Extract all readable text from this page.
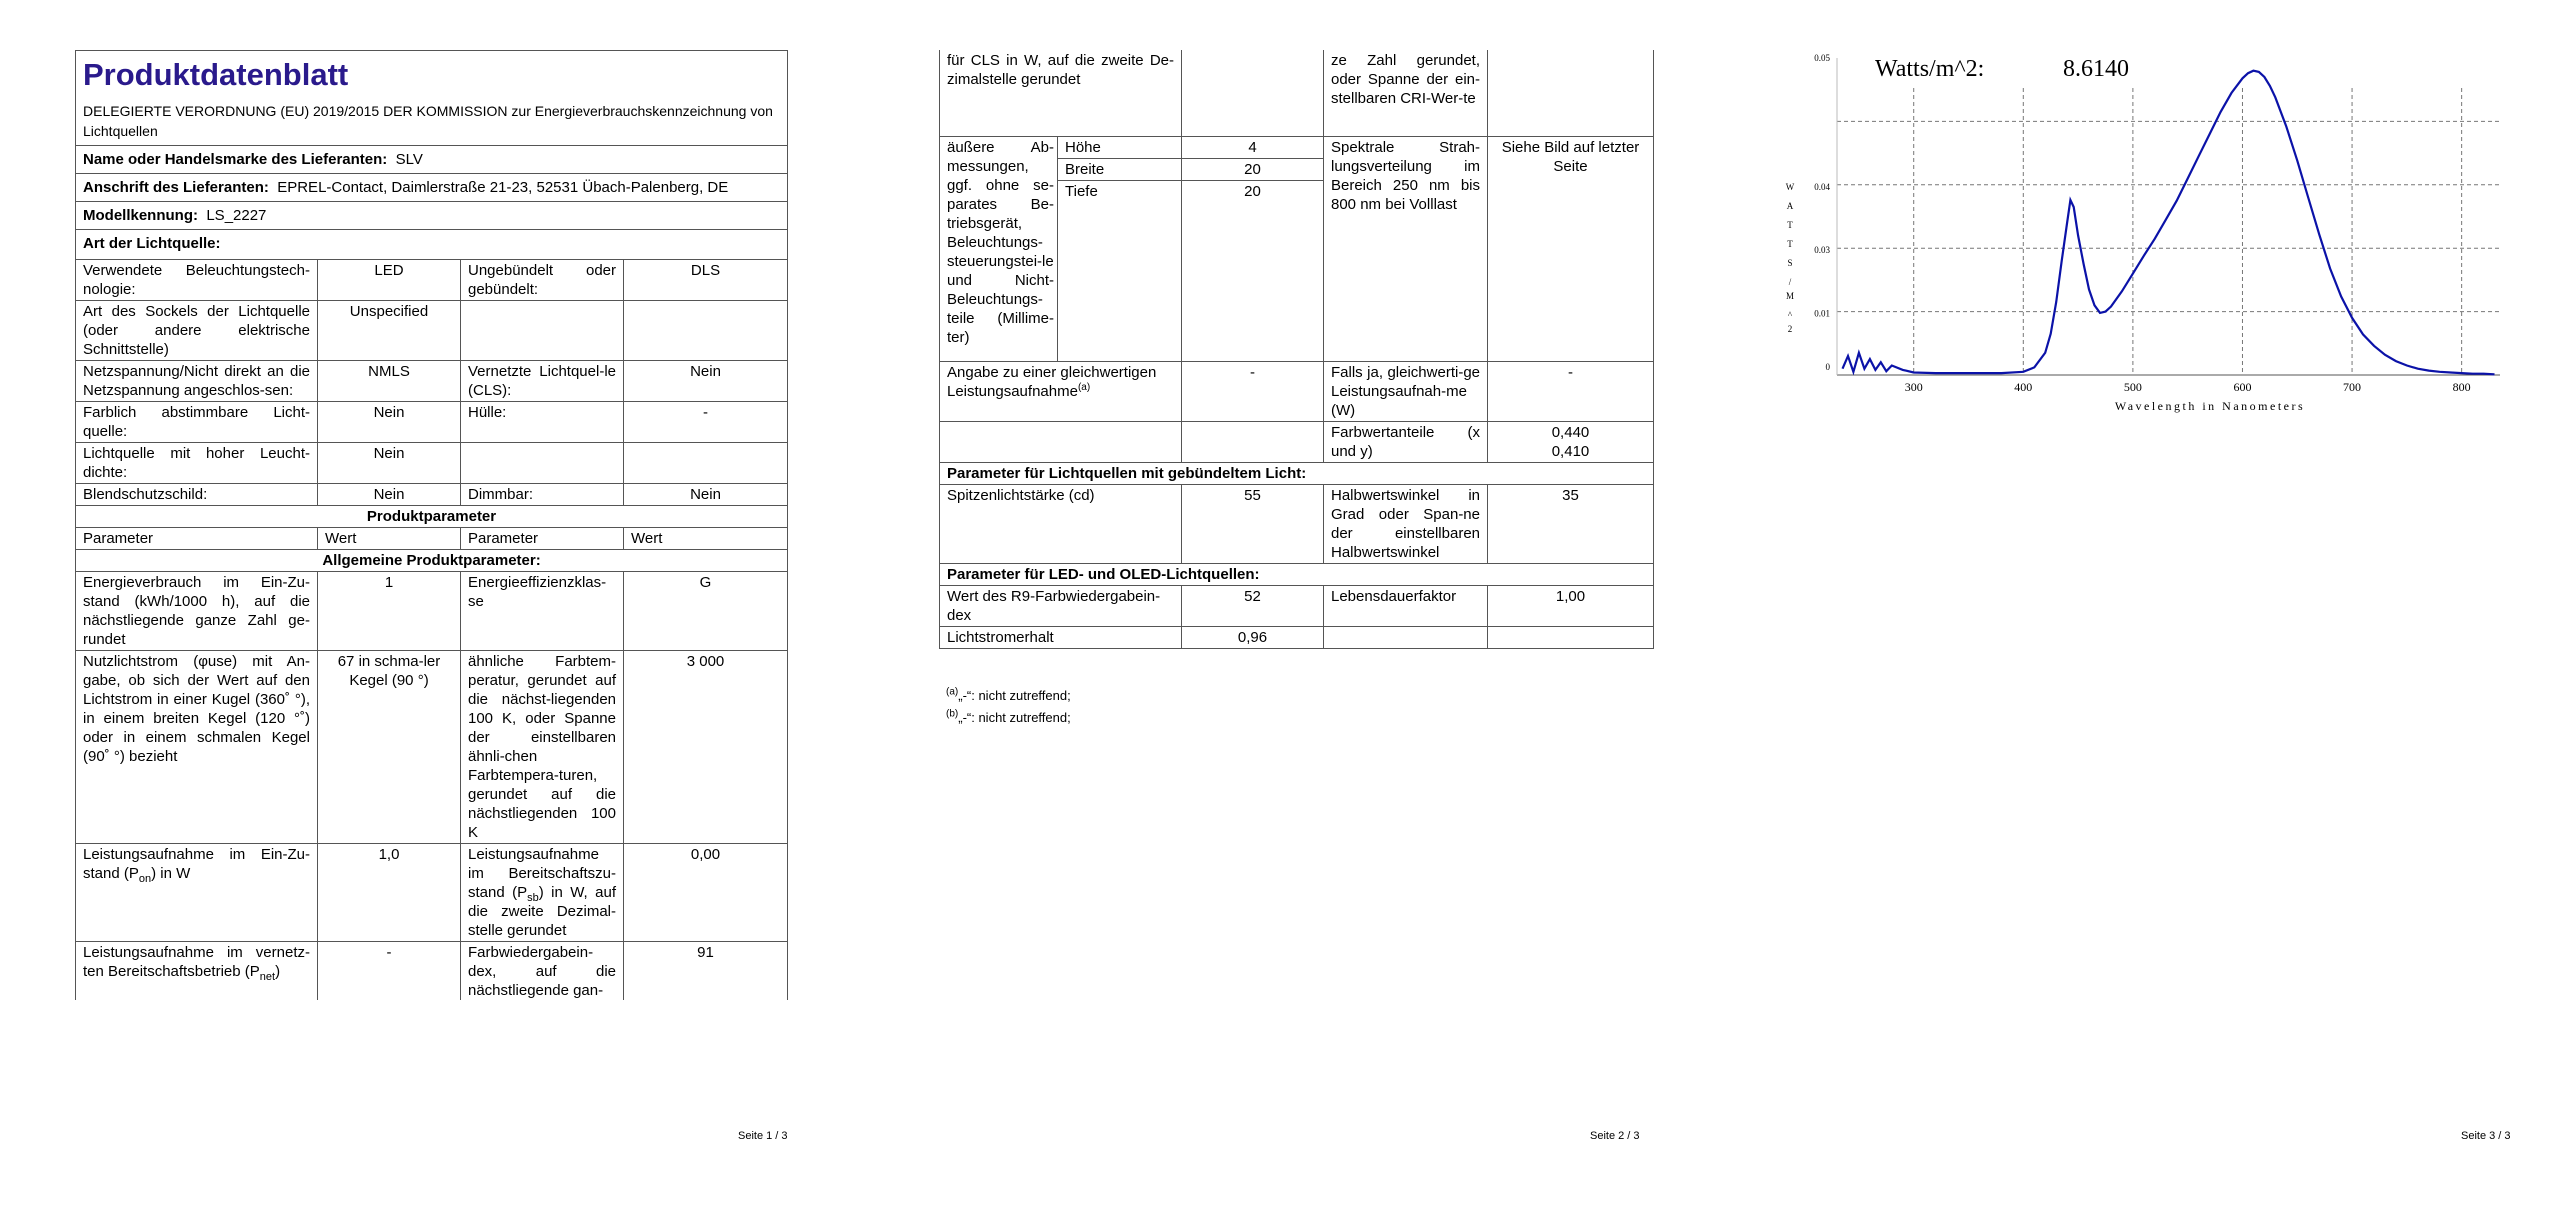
Produktdatenblatt
DELEGIERTE VERORDNUNG (EU) 2019/2015 DER KOMMISSION zur Energieverbrauchskennzeichnung von Lichtquellen			

Name oder Handelsmarke des Lieferanten: SLV			
Anschrift des Lieferanten: EPREL-Contact, Daimlerstraße 21-23, 52531 Übach-Palenberg, DE			
Modellkennung: LS_2227			
Art der Lichtquelle:			
Verwendete Beleuchtungstech-nologie:	LED	Ungebündelt oder gebündelt:	DLS
Art des Sockels der Lichtquelle (oder andere elektrische Schnittstelle)	Unspecified		
Netzspannung/Nicht direkt an die Netzspannung angeschlos-sen:	NMLS	Vernetzte Lichtquel-le (CLS):	Nein
Farblich abstimmbare Licht-quelle:	Nein	Hülle:	-
Lichtquelle mit hoher Leucht-dichte:	Nein		
Blendschutzschild:	Nein	Dimmbar:	Nein
Produktparameter			
Parameter	Wert	Parameter	Wert
Allgemeine Produktparameter:			
Energieverbrauch im Ein-Zu-stand (kWh/1000 h), auf die nächstliegende ganze Zahl ge-rundet	1	Energieeffizienzklas-se	G
Nutzlichtstrom (φuse) mit An-gabe, ob sich der Wert auf den Lichtstrom in einer Kugel (360˚ °), in einem breiten Kegel (120 °˚) oder in einem schmalen Kegel (90˚ °) bezieht	67 in schma-ler Kegel (90 °)	ähnliche Farbtem-peratur, gerundet auf die nächst-liegenden 100 K, oder Spanne der einstellbaren ähnli-chen Farbtempera-turen, gerundet auf die nächstliegenden 100 K	3 000
Leistungsaufnahme im Ein-Zu-stand $(P_{on})$ in W	1,0	Leistungsaufnahme im Bereitschaftszu-stand $(P_{sb})$ in W, auf die zweite Dezimal-stelle gerundet	0,00
Leistungsaufnahme im vernetz-ten Bereitschaftsbetrieb $(P_{net})$	-	Farbwiedergabein-dex, auf die nächstliegende gan-	91
Seite 1 / 3
für CLS in W, auf die zweite De-zimalstelle gerundet			ze Zahl gerundet, oder Spanne der ein-stellbaren CRI-Wer-te	
äußere Ab-messungen, ggf. ohne se-parates Be-triebsgerät, Beleuchtungs-steuerungstei-le und Nicht-Beleuchtungs-teile (Millime-ter)	Höhe	4	Spektrale Strah-lungsverteilung im Bereich 250 nm bis 800 nm bei Volllast	Siehe Bild auf letzter Seite
	Breite	20		
	Tiefe	20		
Angabe zu einer gleichwertigen Leistungsaufnahme$^{(a)}$		-	Falls ja, gleichwerti-ge Leistungsaufnah-me (W)	-
			Farbwertanteile (x und y)	0,440
0,410

Parameter für Lichtquellen mit gebündeltem Licht:				
Spitzenlichtstärke (cd)		55	Halbwertswinkel in Grad oder Span-ne der einstellbaren Halbwertswinkel	35
Parameter für LED- und OLED-Lichtquellen:				
Wert des R9-Farbwiedergabein-dex		52	Lebensdauerfaktor	1,00
Lichtstromerhalt		0,96		
$^{(a)}$„-“: nicht zutreffend;
$^{(b)}$„-“: nicht zutreffend;
Seite 2 / 3	Seite 3 / 3
300	400	500	600	700	800
0
0.01
0.03
0.04
0.05 Watts/m^2:	8.6140
Wavelength in Nanometers
W
A
T
T
S
/
M
^
2
